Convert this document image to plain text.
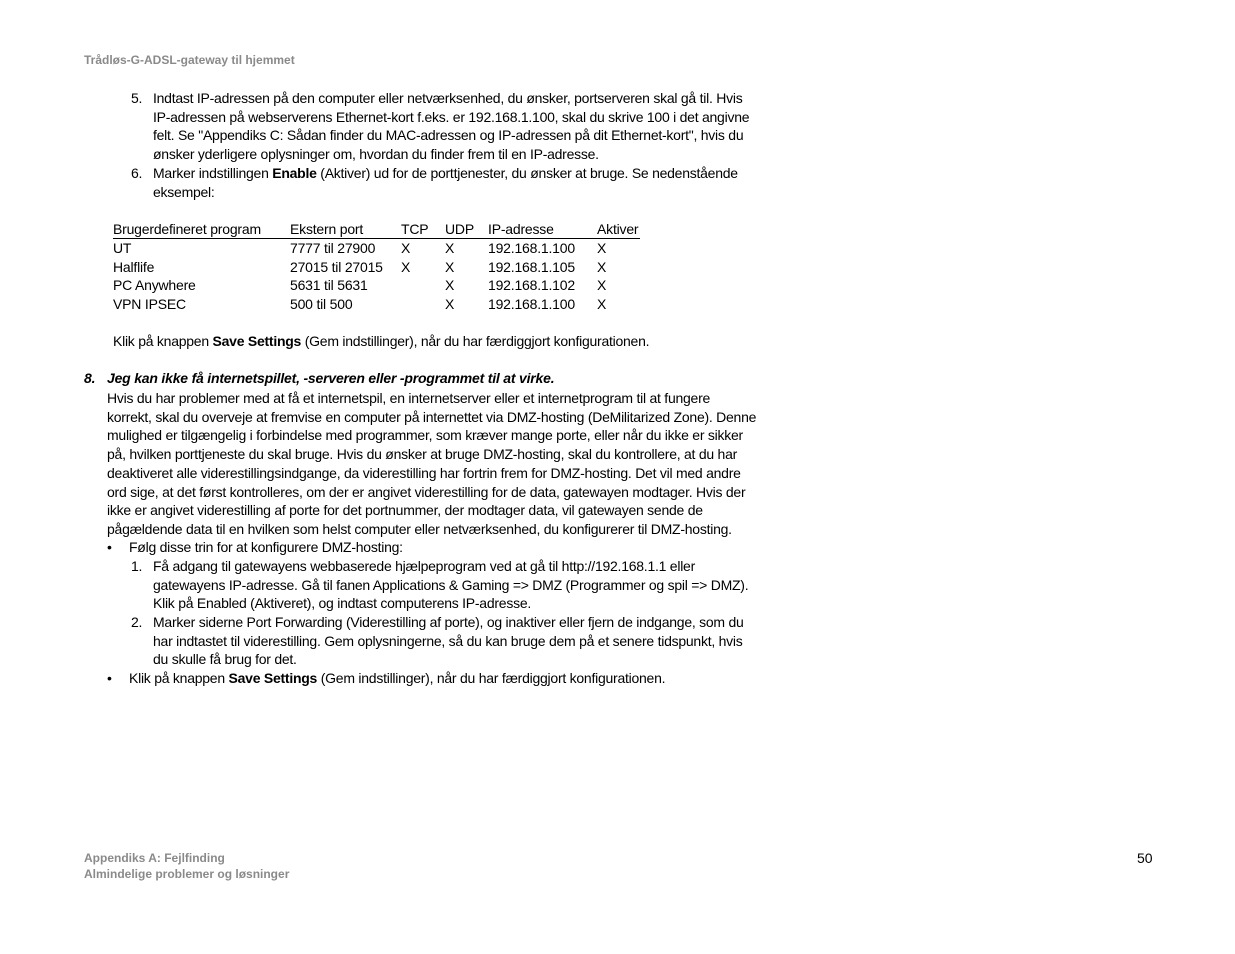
Trådløs-G-ADSL-gateway til hjemmet
5. Indtast IP-adressen på den computer eller netværksenhed, du ønsker, portserveren skal gå til. Hvis

IP-adressen på webserverens Ethernet-kort f.eks. er 192.168.1.100, skal du skrive 100 i det angivne

felt. Se "Appendiks C: Sådan finder du MAC-adressen og IP-adressen på dit Ethernet-kort", hvis du

ønsker yderligere oplysninger om, hvordan du finder frem til en IP-adresse.

6. Marker indstillingen Enable (Aktiver) ud for de porttjenester, du ønsker at bruge. Se nedenstående

eksempel:

Brugerdefineret program	Ekstern port	TCP	UDP	IP-adresse	Aktiver
UT	7777 til 27900	X	X	192.168.1.100	X
Halflife	27015 til 27015	X	X	192.168.1.105	X
PC Anywhere	5631 til 5631		X	192.168.1.102	X
VPN IPSEC	500 til 500		X	192.168.1.100	X
Klik på knappen Save Settings (Gem indstillinger), når du har færdiggjort konfigurationen.
8. Jeg kan ikke få internetspillet, -serveren eller -programmet til at virke.
Hvis du har problemer med at få et internetspil, en internetserver eller et internetprogram til at fungere
korrekt, skal du overveje at fremvise en computer på internettet via DMZ-hosting (DeMilitarized Zone). Denne
mulighed er tilgængelig i forbindelse med programmer, som kræver mange porte, eller når du ikke er sikker
på, hvilken porttjeneste du skal bruge. Hvis du ønsker at bruge DMZ-hosting, skal du kontrollere, at du har
deaktiveret alle viderestillingsindgange, da viderestilling har fortrin frem for DMZ-hosting. Det vil med andre
ord sige, at det først kontrolleres, om der er angivet viderestilling for de data, gatewayen modtager. Hvis der
ikke er angivet viderestilling af porte for det portnummer, der modtager data, vil gatewayen sende de
pågældende data til en hvilken som helst computer eller netværksenhed, du konfigurerer til DMZ-hosting.
• Følg disse trin for at konfigurere DMZ-hosting:
1. Få adgang til gatewayens webbaserede hjælpeprogram ved at gå til http://192.168.1.1 eller

gatewayens IP-adresse. Gå til fanen Applications & Gaming => DMZ (Programmer og spil => DMZ).

Klik på Enabled (Aktiveret), og indtast computerens IP-adresse.

2. Marker siderne Port Forwarding (Viderestilling af porte), og inaktiver eller fjern de indgange, som du

har indtastet til viderestilling. Gem oplysningerne, så du kan bruge dem på et senere tidspunkt, hvis

du skulle få brug for det.

• Klik på knappen Save Settings (Gem indstillinger), når du har færdiggjort konfigurationen.
Appendiks A: Fejlfinding
Almindelige problemer og løsninger
50
